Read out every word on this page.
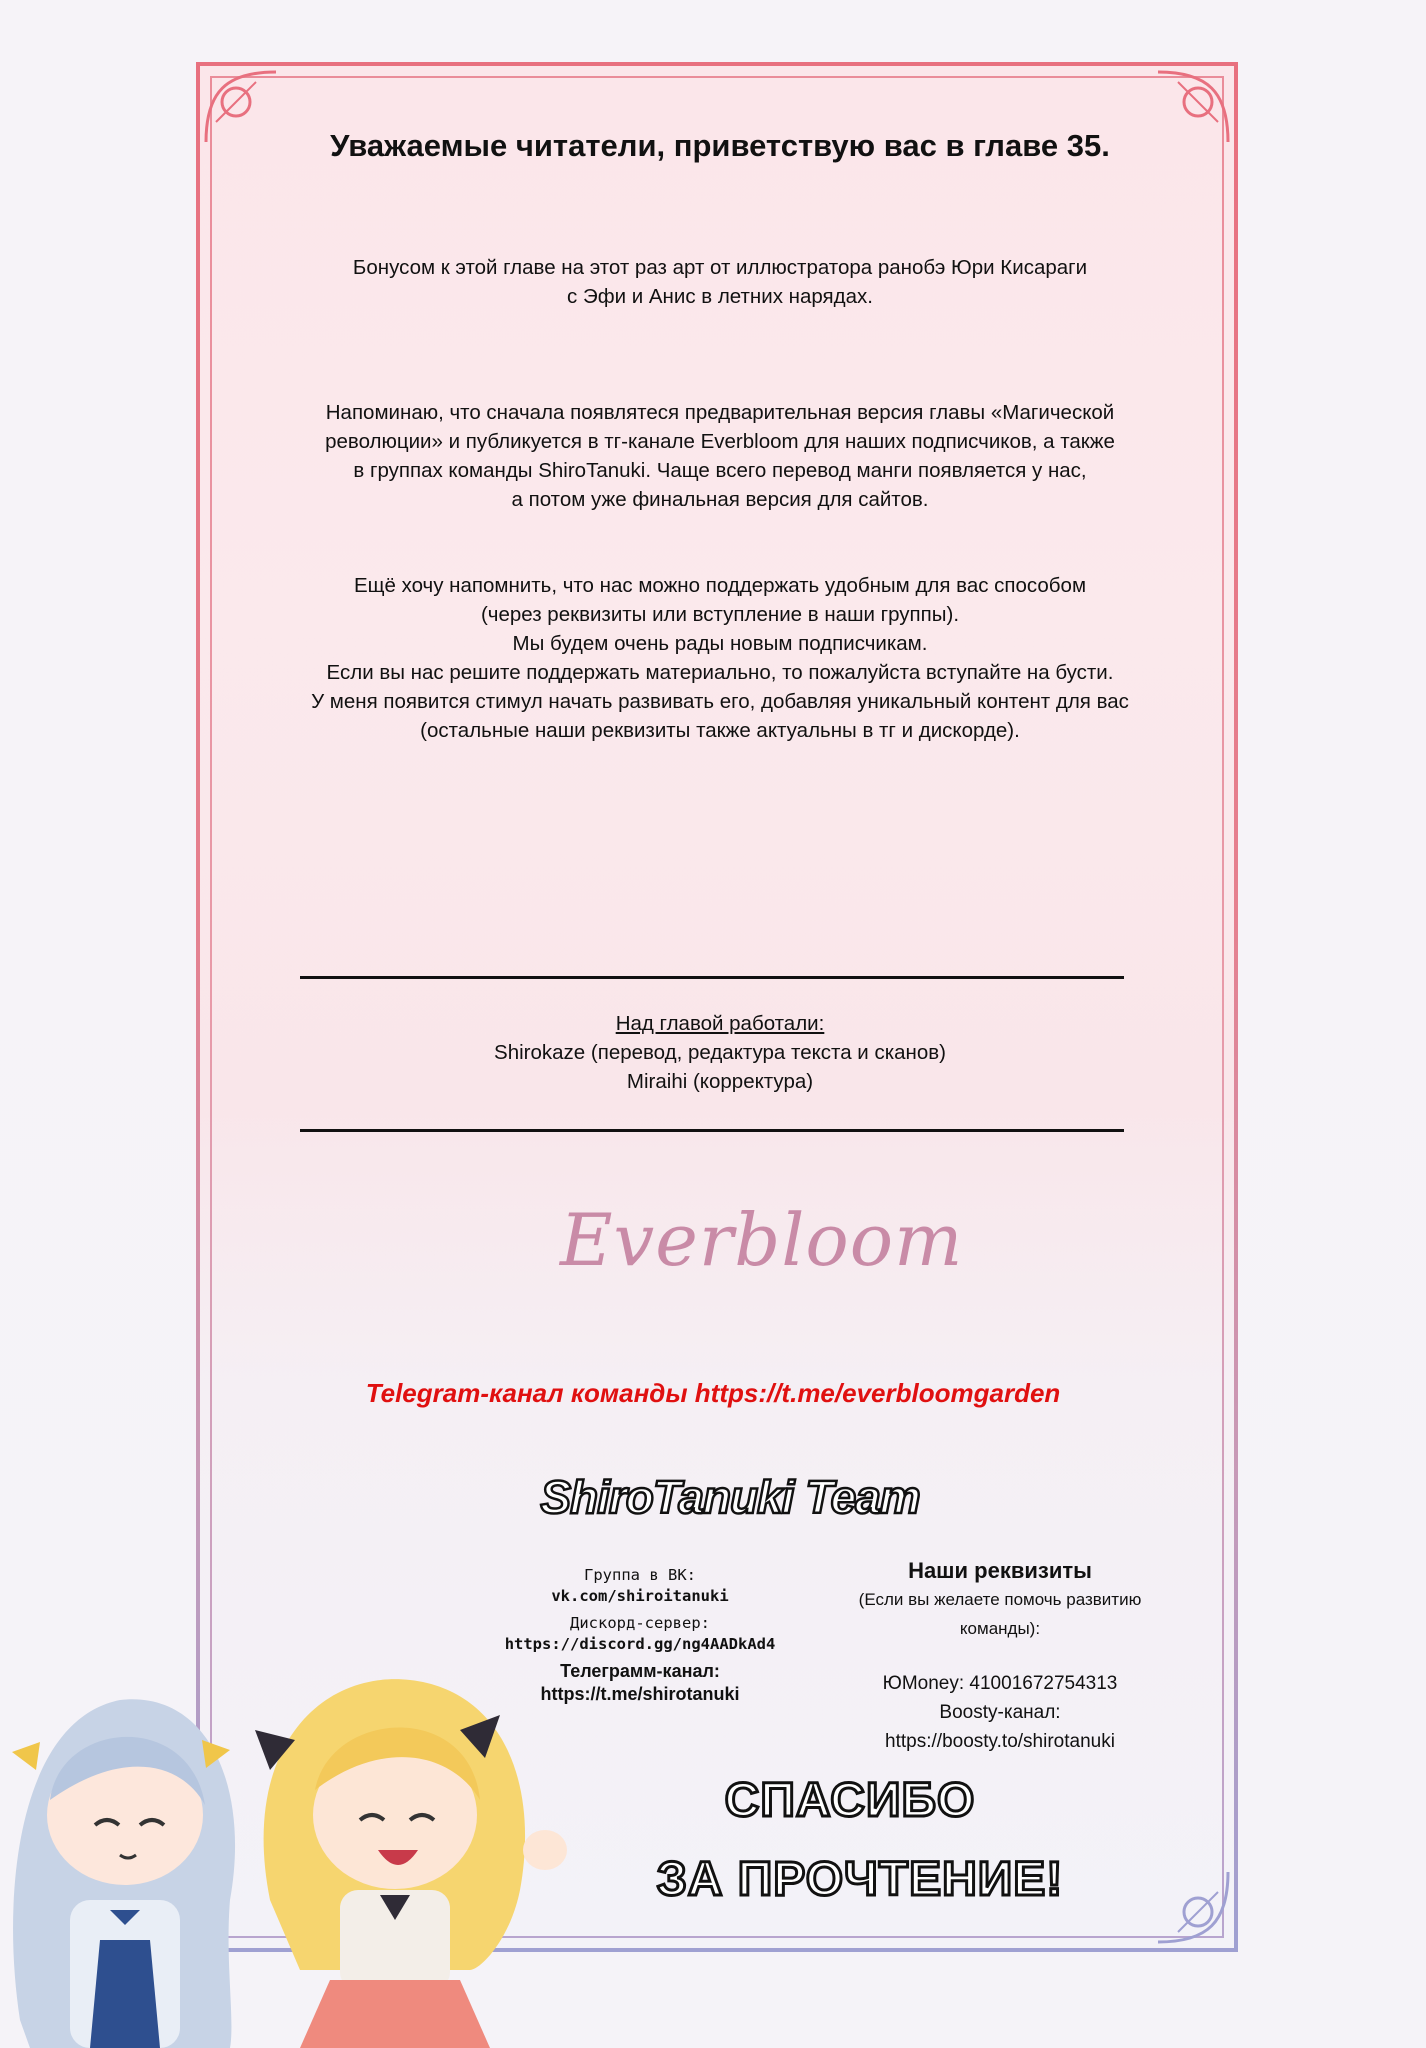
Уважаемые читатели, приветствую вас в главе 35.
Бонусом к этой главе на этот раз арт от иллюстратора ранобэ Юри Кисараги
с Эфи и Анис в летних нарядах.
Напоминаю, что сначала появлятеся предварительная версия главы «Магической
революции» и публикуется в тг-канале Everbloom для наших подписчиков, а также
в группах команды ShiroTanuki. Чаще всего перевод манги появляется у нас,
а потом уже финальная версия для сайтов.
Ещё хочу напомнить, что нас можно поддержать удобным для вас способом
(через реквизиты или вступление в наши группы).
Мы будем очень рады новым подписчикам.
Если вы нас решите поддержать материально, то пожалуйста вступайте на бусти.
У меня появится стимул начать развивать его, добавляя уникальный контент для вас
(остальные наши реквизиты также актуальны в тг и дискорде).
Над главой работали:
Shirokaze (перевод, редактура текста и сканов)
Miraihi (корректура)
Everbloom
Telegram-канал команды https://t.me/everbloomgarden
ShiroTanuki Team
Группа в ВК:
vk.com/shiroitanuki
Дискорд-сервер:
https://discord.gg/ng4AADkAd4
Телеграмм-канал:
https://t.me/shirotanuki
Наши реквизиты
(Если вы желаете помочь развитию команды):
ЮMoney: 41001672754313
Boosty-канал:
https://boosty.to/shirotanuki
СПАСИБО
ЗА ПРОЧТЕНИЕ!
